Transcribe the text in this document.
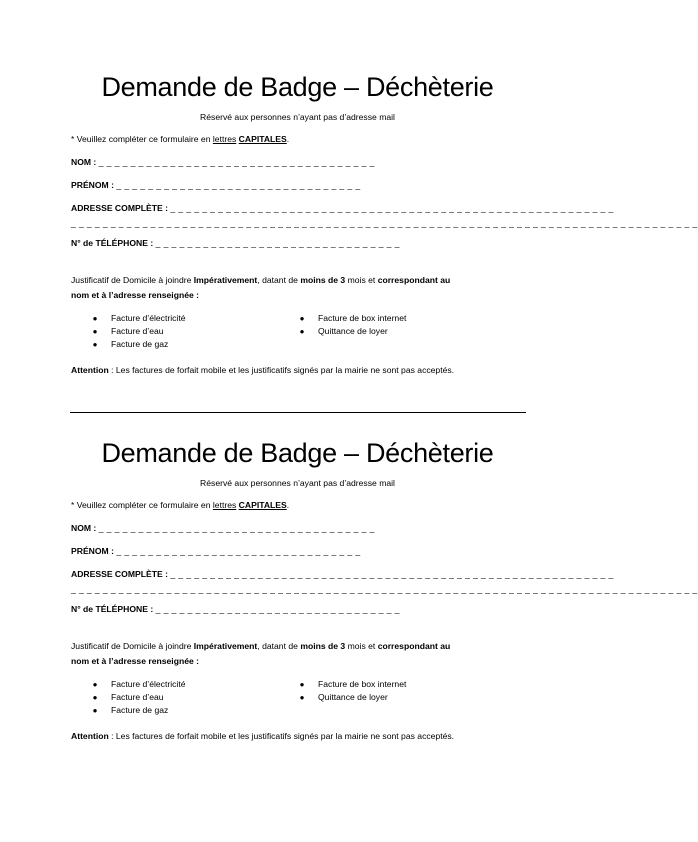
Demande de Badge – Déchèterie
Réservé aux personnes n’ayant pas d’adresse mail
* Veuillez compléter ce formulaire en lettres CAPITALES.
NOM : _ _ _ _ _ _ _ _ _ _ _ _ _ _ _ _ _ _ _ _ _ _ _ _ _ _ _ _ _ _ _ _ _ _ _
PRÉNOM : _ _ _ _ _ _ _ _ _ _ _ _ _ _ _ _ _ _ _ _ _ _ _ _ _ _ _ _ _ _ _
ADRESSE COMPLÈTE : _ _ _ _ _ _ _ _ _ _ _ _ _ _ _ _ _ _ _ _ _ _ _ _ _ _ _ _ _ _ _ _ _ _ _ _ _ _ _ _ _ _ _ _ _ _ _ _ _ _ _ _ _ _ _ _
_ _ _ _ _ _ _ _ _ _ _ _ _ _ _ _ _ _ _ _ _ _ _ _ _ _ _ _ _ _ _ _ _ _ _ _ _ _ _ _ _ _ _ _ _ _ _ _ _ _ _ _ _ _ _ _ _ _ _ _ _ _ _ _ _ _ _ _ _ _ _ _ _ _ _ _ _ _ _
N° de TÉLÉPHONE : _ _ _ _ _ _ _ _ _ _ _ _ _ _ _ _ _ _ _ _ _ _ _ _ _ _ _ _ _ _ _
Justificatif de Domicile à joindre Impérativement, datant de moins de 3 mois et correspondant au
nom et à l’adresse renseignée :
● Facture d’électricité
● Facture d’eau
● Facture de gaz
● Facture de box internet
● Quittance de loyer
Attention : Les factures de forfait mobile et les justificatifs signés par la mairie ne sont pas acceptés.
Demande de Badge – Déchèterie
Réservé aux personnes n’ayant pas d’adresse mail
* Veuillez compléter ce formulaire en lettres CAPITALES.
NOM : _ _ _ _ _ _ _ _ _ _ _ _ _ _ _ _ _ _ _ _ _ _ _ _ _ _ _ _ _ _ _ _ _ _ _
PRÉNOM : _ _ _ _ _ _ _ _ _ _ _ _ _ _ _ _ _ _ _ _ _ _ _ _ _ _ _ _ _ _ _
ADRESSE COMPLÈTE : _ _ _ _ _ _ _ _ _ _ _ _ _ _ _ _ _ _ _ _ _ _ _ _ _ _ _ _ _ _ _ _ _ _ _ _ _ _ _ _ _ _ _ _ _ _ _ _ _ _ _ _ _ _ _ _
_ _ _ _ _ _ _ _ _ _ _ _ _ _ _ _ _ _ _ _ _ _ _ _ _ _ _ _ _ _ _ _ _ _ _ _ _ _ _ _ _ _ _ _ _ _ _ _ _ _ _ _ _ _ _ _ _ _ _ _ _ _ _ _ _ _ _ _ _ _ _ _ _ _ _ _ _ _ _
N° de TÉLÉPHONE : _ _ _ _ _ _ _ _ _ _ _ _ _ _ _ _ _ _ _ _ _ _ _ _ _ _ _ _ _ _ _
Justificatif de Domicile à joindre Impérativement, datant de moins de 3 mois et correspondant au
nom et à l’adresse renseignée :
● Facture d’électricité
● Facture d’eau
● Facture de gaz
● Facture de box internet
● Quittance de loyer
Attention : Les factures de forfait mobile et les justificatifs signés par la mairie ne sont pas acceptés.
